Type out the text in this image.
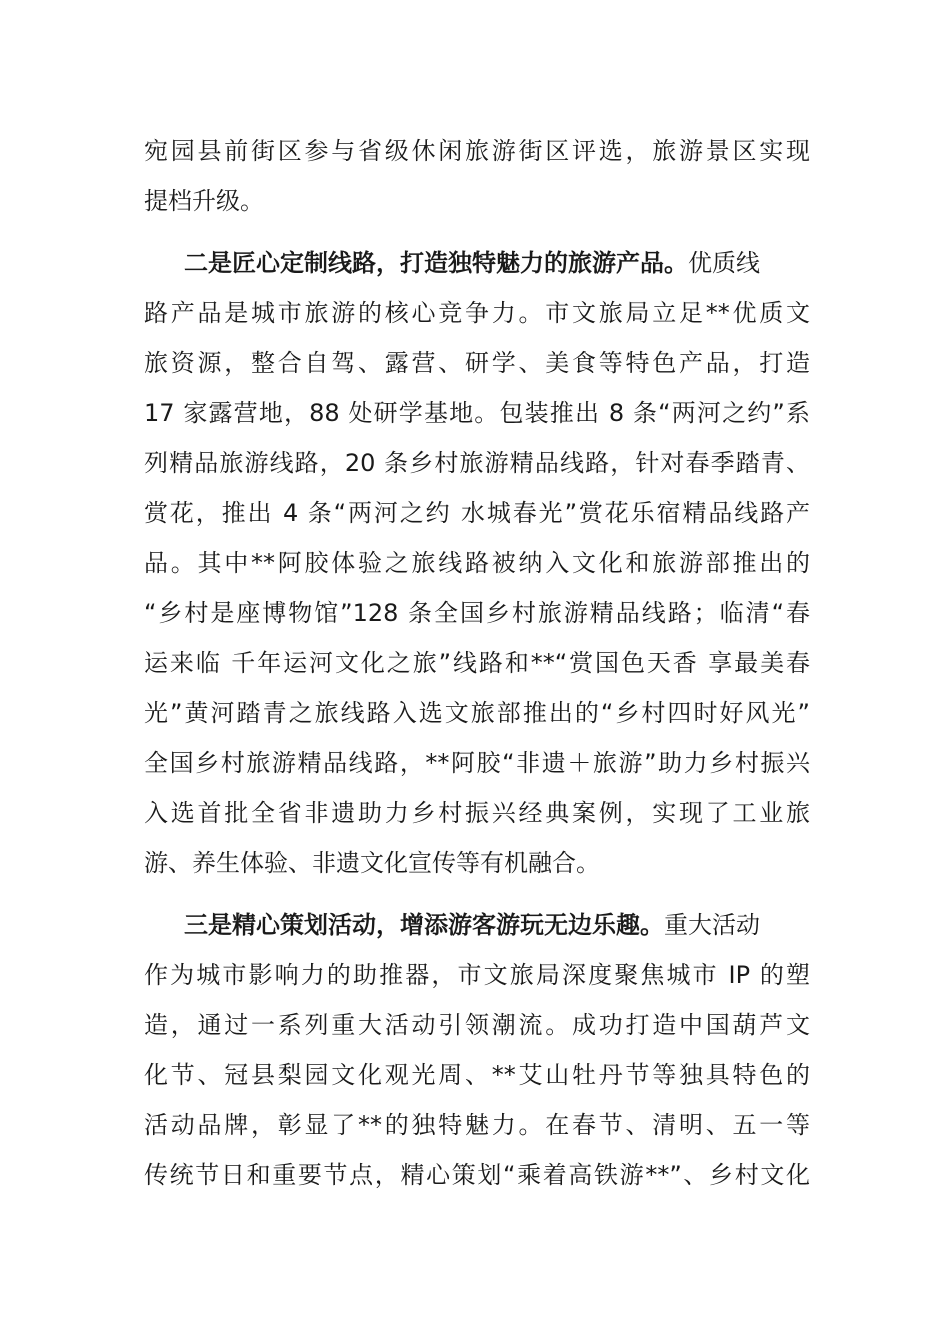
宛园县前街区参与省级休闲旅游街区评选，旅游景区实现
提档升级。
二是匠心定制线路，打造独特魅力的旅游产品。优质线
路产品是城市旅游的核心竞争力。市文旅局立足**优质文
旅资源，整合自驾、露营、研学、美食等特色产品，打造
17 家露营地，88 处研学基地。包装推出 8 条“两河之约”系
列精品旅游线路，20 条乡村旅游精品线路，针对春季踏青、
赏花，推出 4 条“两河之约 水城春光”赏花乐宿精品线路产
品。其中**阿胶体验之旅线路被纳入文化和旅游部推出的
“乡村是座博物馆”128 条全国乡村旅游精品线路；临清“春
运来临 千年运河文化之旅”线路和**“赏国色天香 享最美春
光”黄河踏青之旅线路入选文旅部推出的“乡村四时好风光”
全国乡村旅游精品线路，**阿胶“非遗＋旅游”助力乡村振兴
入选首批全省非遗助力乡村振兴经典案例，实现了工业旅
游、养生体验、非遗文化宣传等有机融合。
三是精心策划活动，增添游客游玩无边乐趣。重大活动
作为城市影响力的助推器，市文旅局深度聚焦城市 IP 的塑
造，通过一系列重大活动引领潮流。成功打造中国葫芦文
化节、冠县梨园文化观光周、**艾山牡丹节等独具特色的
活动品牌，彰显了**的独特魅力。在春节、清明、五一等
传统节日和重要节点，精心策划“乘着高铁游**”、乡村文化
